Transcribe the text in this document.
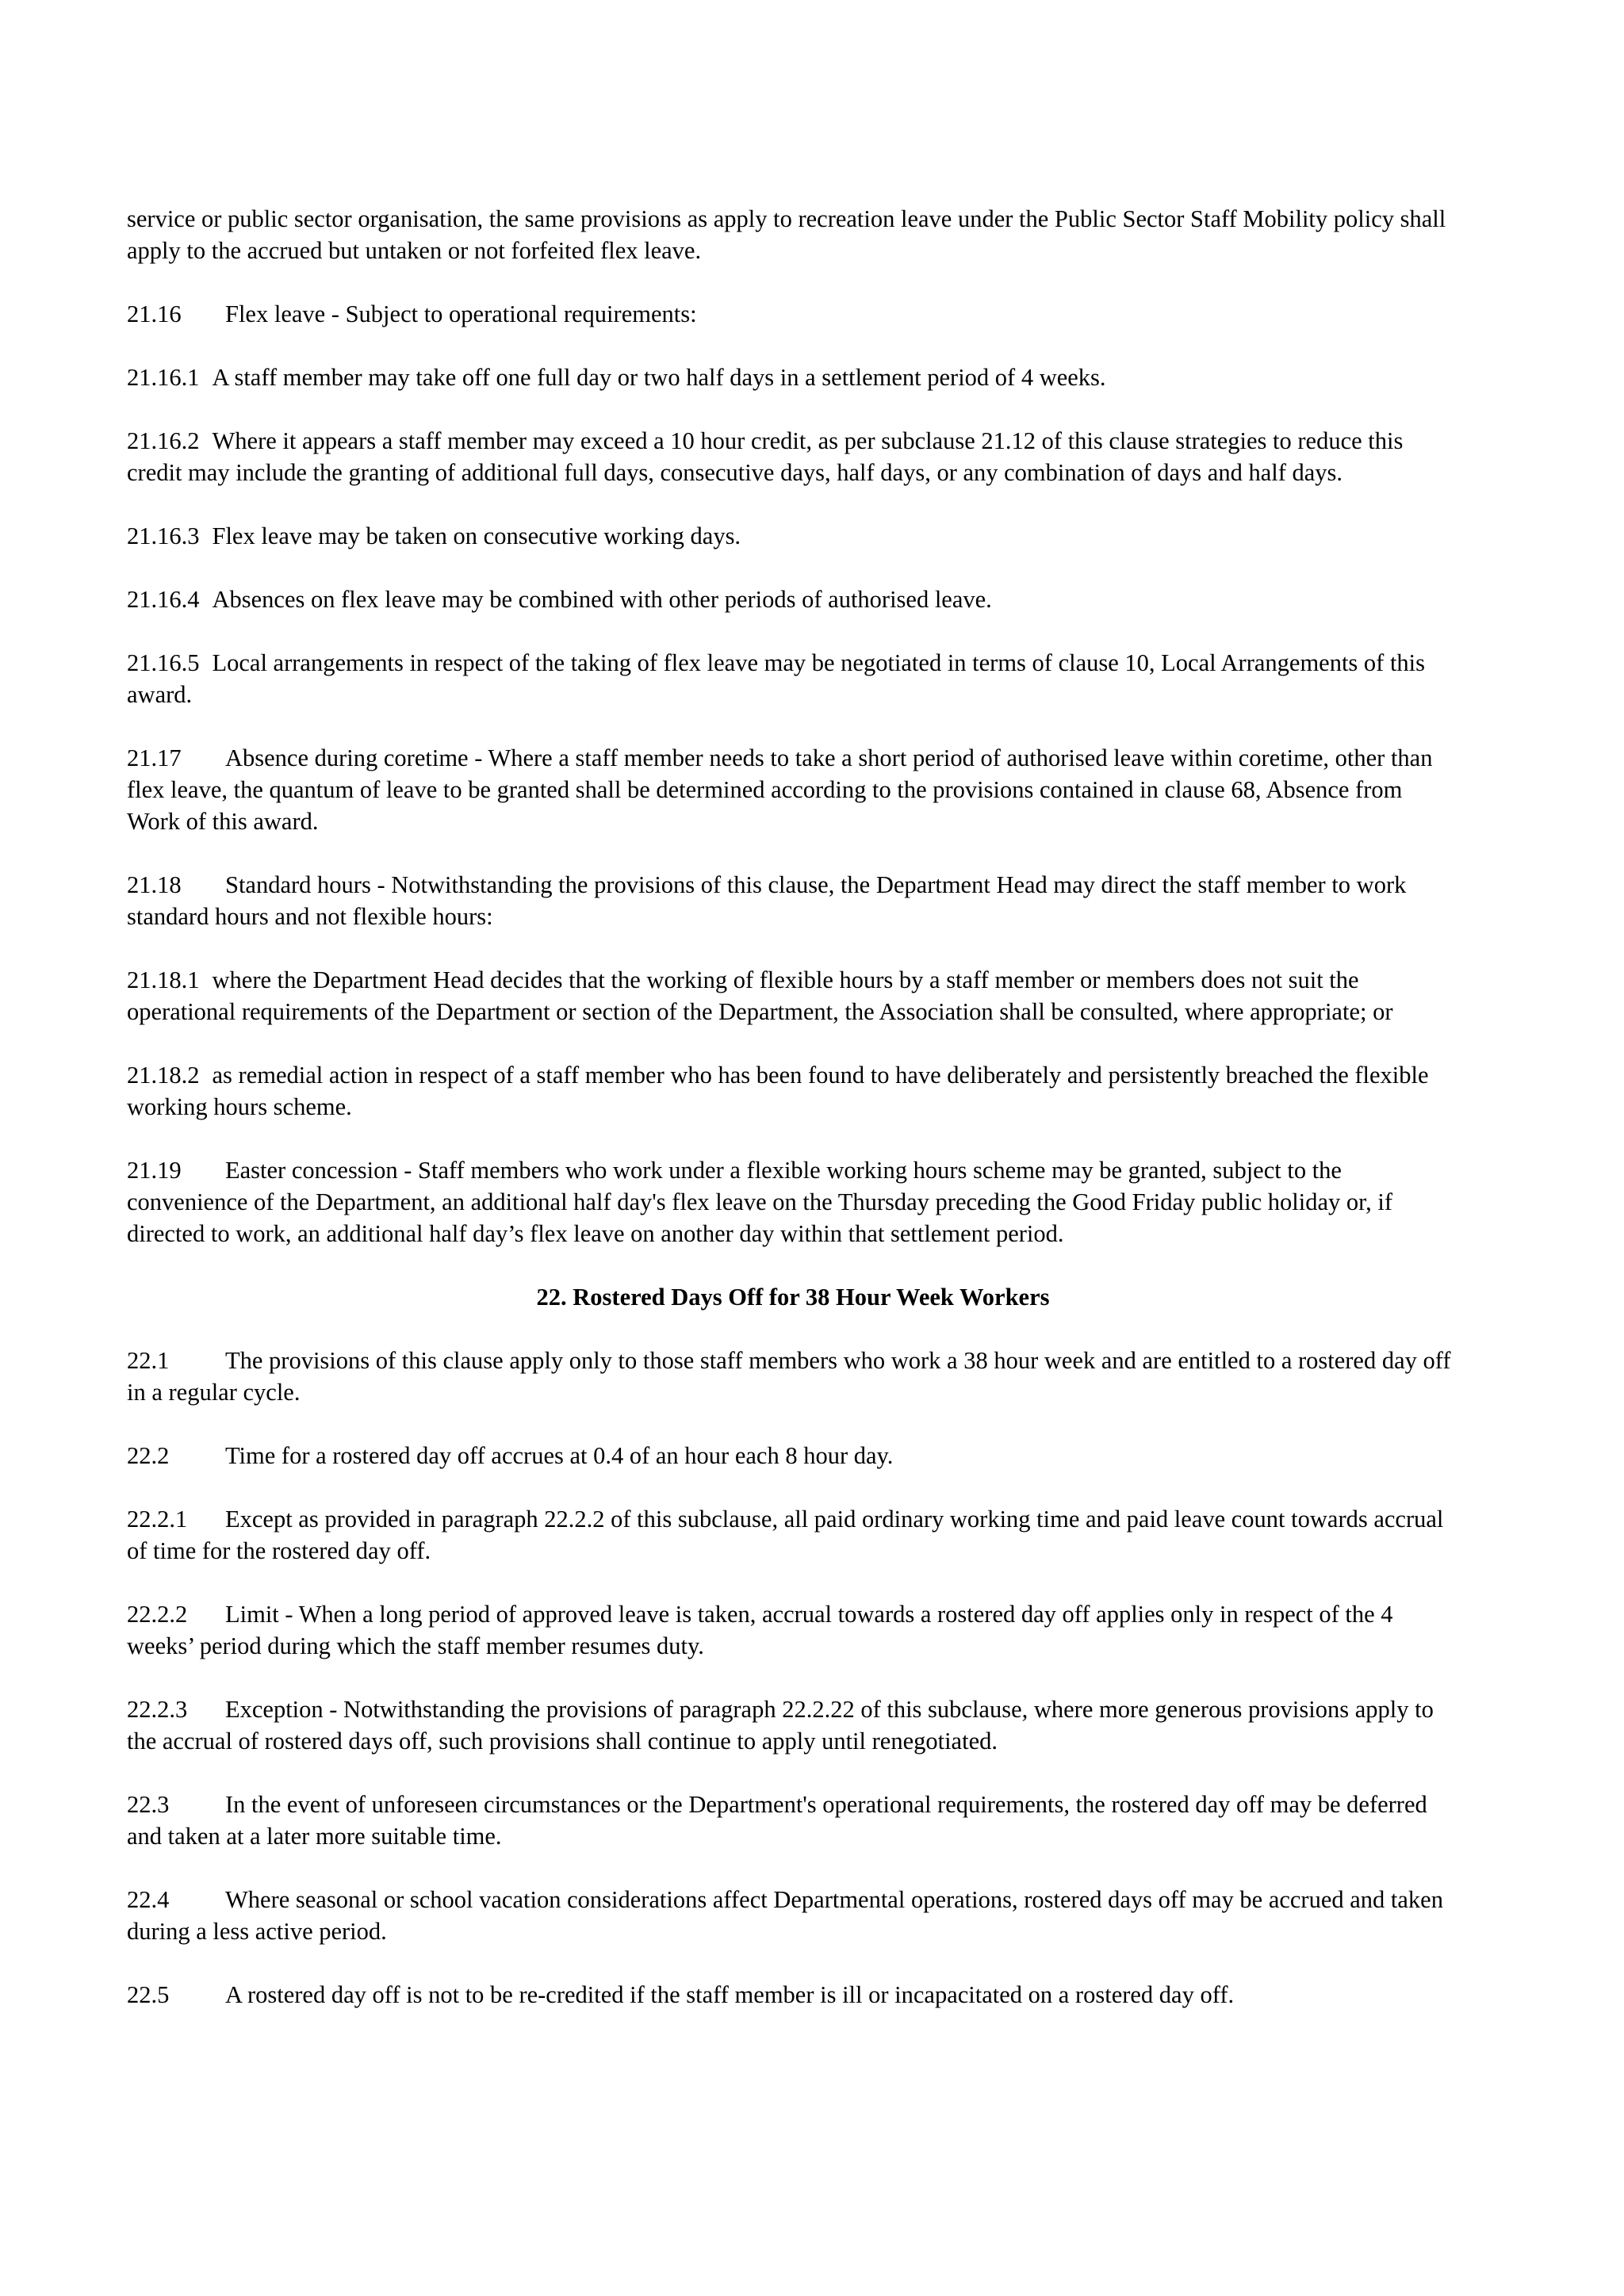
service or public sector organisation, the same provisions as apply to recreation leave under the Public Sector Staff Mobility policy shall apply to the accrued but untaken or not forfeited flex leave.

21.16 Flex leave - Subject to operational requirements:

21.16.1 A staff member may take off one full day or two half days in a settlement period of 4 weeks.

21.16.2 Where it appears a staff member may exceed a 10 hour credit, as per subclause 21.12 of this clause strategies to reduce this credit may include the granting of additional full days, consecutive days, half days, or any combination of days and half days.

21.16.3 Flex leave may be taken on consecutive working days.

21.16.4 Absences on flex leave may be combined with other periods of authorised leave.

21.16.5 Local arrangements in respect of the taking of flex leave may be negotiated in terms of clause 10, Local Arrangements of this award.

21.17 Absence during coretime - Where a staff member needs to take a short period of authorised leave within coretime, other than flex leave, the quantum of leave to be granted shall be determined according to the provisions contained in clause 68, Absence from Work of this award.

21.18 Standard hours - Notwithstanding the provisions of this clause, the Department Head may direct the staff member to work standard hours and not flexible hours:

21.18.1 where the Department Head decides that the working of flexible hours by a staff member or members does not suit the operational requirements of the Department or section of the Department, the Association shall be consulted, where appropriate; or

21.18.2 as remedial action in respect of a staff member who has been found to have deliberately and persistently breached the flexible working hours scheme.

21.19 Easter concession - Staff members who work under a flexible working hours scheme may be granted, subject to the convenience of the Department, an additional half day's flex leave on the Thursday preceding the Good Friday public holiday or, if directed to work, an additional half day’s flex leave on another day within that settlement period.

22. Rostered Days Off for 38 Hour Week Workers

22.1 The provisions of this clause apply only to those staff members who work a 38 hour week and are entitled to a rostered day off in a regular cycle.

22.2 Time for a rostered day off accrues at 0.4 of an hour each 8 hour day.

22.2.1 Except as provided in paragraph 22.2.2 of this subclause, all paid ordinary working time and paid leave count towards accrual of time for the rostered day off.

22.2.2 Limit - When a long period of approved leave is taken, accrual towards a rostered day off applies only in respect of the 4 weeks’ period during which the staff member resumes duty.

22.2.3 Exception - Notwithstanding the provisions of paragraph 22.2.22 of this subclause, where more generous provisions apply to the accrual of rostered days off, such provisions shall continue to apply until renegotiated.

22.3 In the event of unforeseen circumstances or the Department's operational requirements, the rostered day off may be deferred and taken at a later more suitable time.

22.4 Where seasonal or school vacation considerations affect Departmental operations, rostered days off may be accrued and taken during a less active period.

22.5 A rostered day off is not to be re-credited if the staff member is ill or incapacitated on a rostered day off.
